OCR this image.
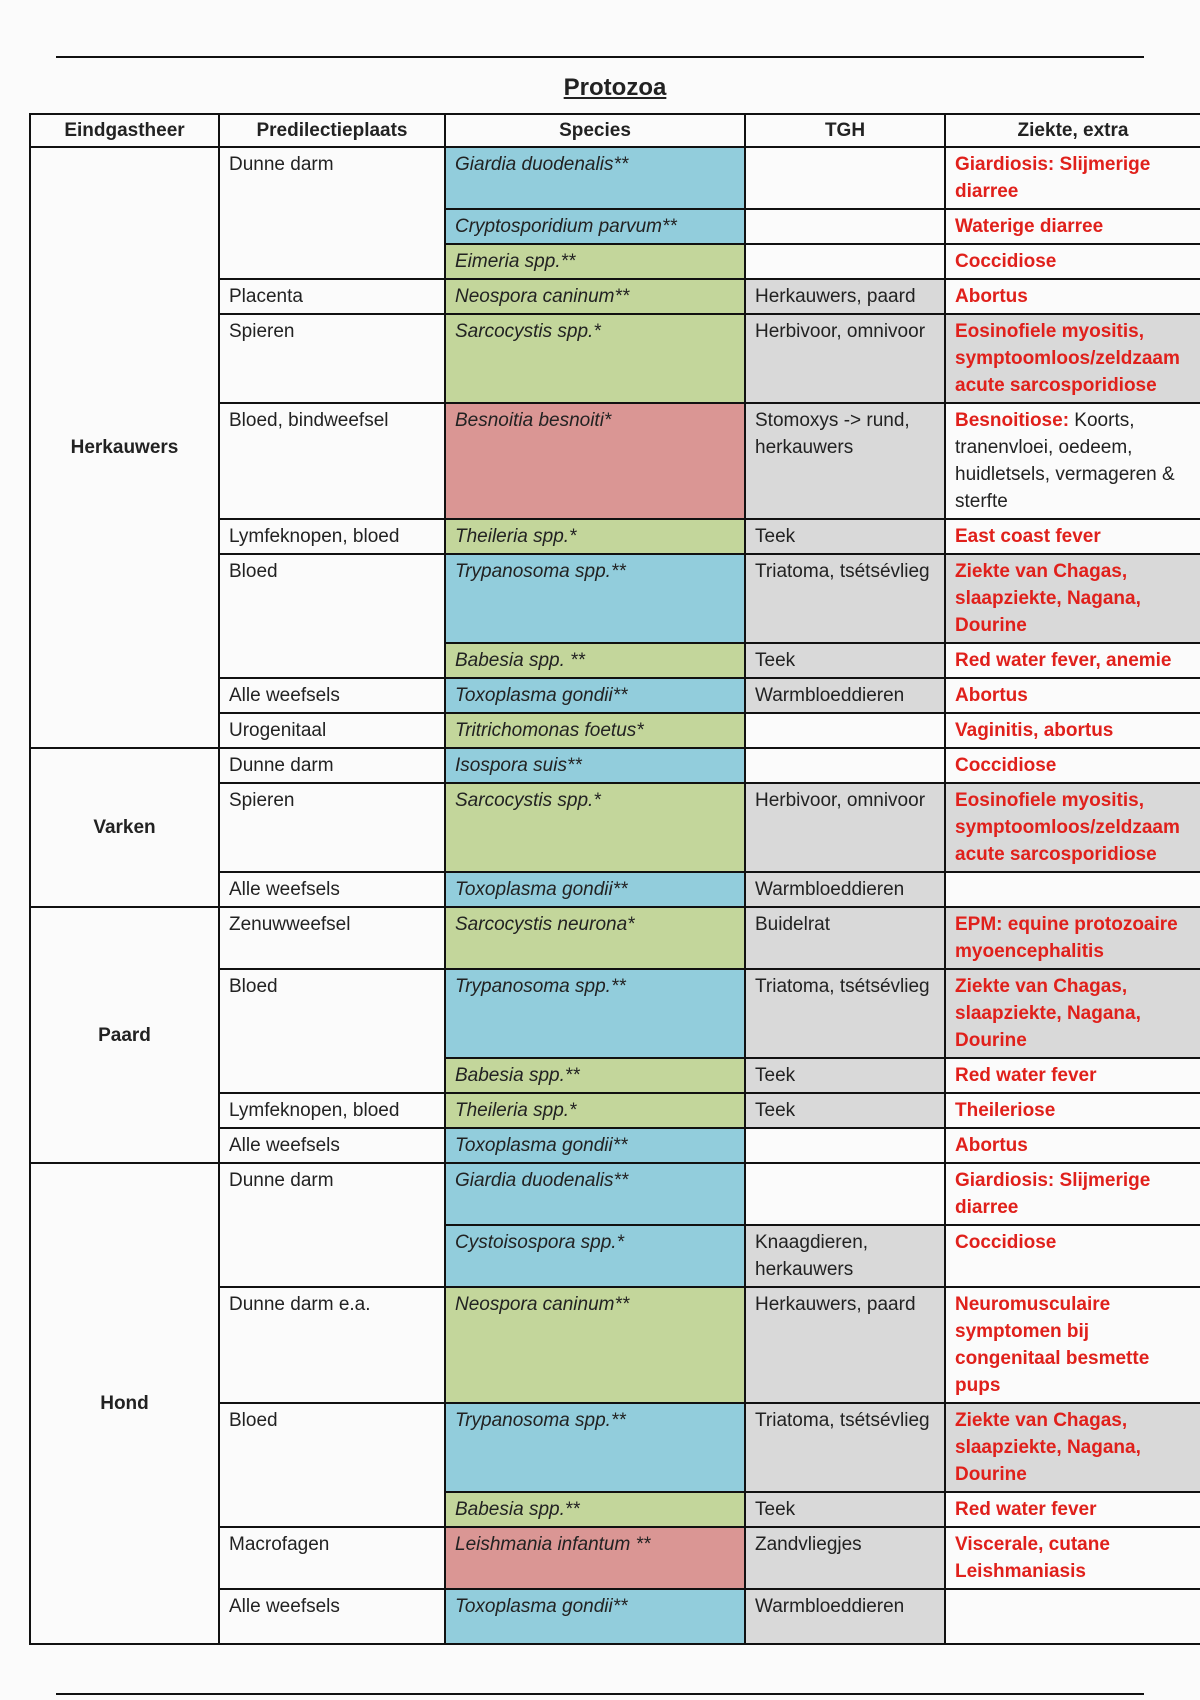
Protozoa
Eindgastheer	Predilectieplaats	Species	TGH	Ziekte, extra
Herkauwers	Dunne darm	Giardia duodenalis**		Giardiosis: Slijmerige diarree
		Cryptosporidium parvum**		Waterige diarree
		Eimeria spp.**		Coccidiose
	Placenta	Neospora caninum**	Herkauwers, paard	Abortus
	Spieren	Sarcocystis spp.*	Herbivoor, omnivoor	Eosinofiele myositis, symptoomloos/zeldzaam acute sarcosporidiose
	Bloed, bindweefsel	Besnoitia besnoiti*	Stomoxys -> rund, herkauwers	Besnoitiose: Koorts, tranenvloei, oedeem, huidletsels, vermageren & sterfte
	Lymfeknopen, bloed	Theileria spp.*	Teek	East coast fever
	Bloed	Trypanosoma spp.**	Triatoma, tsétsévlieg	Ziekte van Chagas, slaapziekte, Nagana, Dourine
		Babesia spp. **	Teek	Red water fever, anemie
	Alle weefsels	Toxoplasma gondii**	Warmbloeddieren	Abortus
	Urogenitaal	Tritrichomonas foetus*		Vaginitis, abortus
Varken	Dunne darm	Isospora suis**		Coccidiose
	Spieren	Sarcocystis spp.*	Herbivoor, omnivoor	Eosinofiele myositis, symptoomloos/zeldzaam acute sarcosporidiose
	Alle weefsels	Toxoplasma gondii**	Warmbloeddieren	
Paard	Zenuwweefsel	Sarcocystis neurona*	Buidelrat	EPM: equine protozoaire myoencephalitis
	Bloed	Trypanosoma spp.**	Triatoma, tsétsévlieg	Ziekte van Chagas, slaapziekte, Nagana, Dourine
		Babesia spp.**	Teek	Red water fever
	Lymfeknopen, bloed	Theileria spp.*	Teek	Theileriose
	Alle weefsels	Toxoplasma gondii**		Abortus
Hond	Dunne darm	Giardia duodenalis**		Giardiosis: Slijmerige diarree
		Cystoisospora spp.*	Knaagdieren, herkauwers	Coccidiose
	Dunne darm e.a.	Neospora caninum**	Herkauwers, paard	Neuromusculaire symptomen bij congenitaal besmette pups
	Bloed	Trypanosoma spp.**	Triatoma, tsétsévlieg	Ziekte van Chagas, slaapziekte, Nagana, Dourine
		Babesia spp.**	Teek	Red water fever
	Macrofagen	Leishmania infantum **	Zandvliegjes	Viscerale, cutane Leishmaniasis
	Alle weefsels	Toxoplasma gondii**	Warmbloeddieren	
